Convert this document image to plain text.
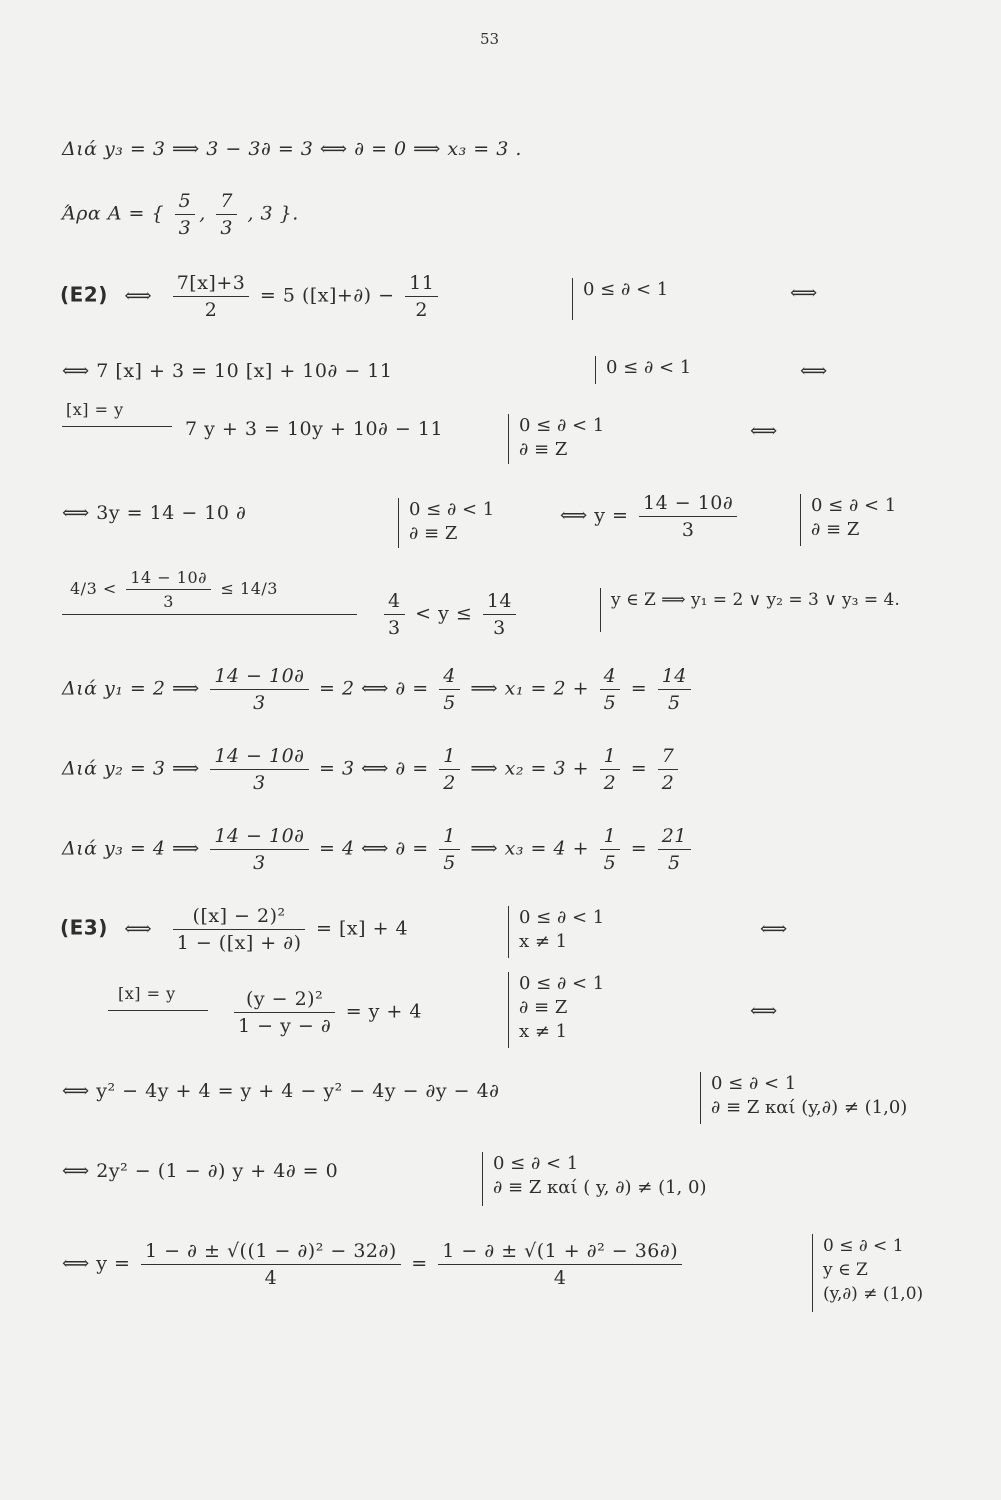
53
Διά y₃ = 3 ⟹ 3 − 3∂ = 3 ⟺ ∂ = 0 ⟹ x₃ = 3 .
Άρα A = { $\frac{5}{3}$ , $\frac{7}{3}$ , 3 }.
(E2) ⟺ $\frac{7[x]+3}{2} = 5$ $([x]+\partial) - \frac{11}{2}$	0 ≤ ∂ < 1	⟺
⟺ 7 [x] + 3 = 10 [x] + 10∂ − 11	0 ≤ ∂ < 1	⟺
[x] = y
7 y + 3 = 10y + 10∂ − 11	0 ≤ ∂ < 1
∂ ≡ Z
⟺
⟺ 3y = 14 − 10 ∂	0 ≤ ∂ < 1
∂ ≡ Z
⟺ $y = \frac{14 - 10\partial}{3}$	0 ≤ ∂ < 1
∂ ≡ Z
$4/3 < \frac{14 - 10\partial}{3} \le 14/3$
$\frac{4}{3} < y \le \frac{14}{3}$	y ∈ Z ⟹ y₁ = 2 ∨ y₂ = 3 ∨ y₃ = 4.
Διά y₁ = 2 ⟹ $\frac{14 - 10\partial}{3} = 2$ ⟺ ∂ = $\frac{4}{5}$ ⟹ $x_1 = 2 + \frac{4}{5} = \frac{14}{5}$
Διά y₂ = 3 ⟹ $\frac{14 - 10\partial}{3} = 3$ ⟺ ∂ = $\frac{1}{2}$ ⟹ $x_2 = 3 + \frac{1}{2} = \frac{7}{2}$
Διά y₃ = 4 ⟹ $\frac{14 - 10\partial}{3} = 4$ ⟺ ∂ = $\frac{1}{5}$ ⟹ $x_3 = 4 + \frac{1}{5} = \frac{21}{5}$
(E3) ⟺ $\frac{\text{([x] − 2)²}}{1 - ([x] + \partial)} = [x] + 4$	0 ≤ ∂ < 1
x ≠ 1
⟺
[x] = y	$\frac{\text{(y − 2)²}}{1 - y - \partial} = y + 4$
0 ≤ ∂ < 1
∂ ≡ Z
x ≠ 1
⟺
⟺ y² − 4y + 4 = y + 4 − y² − 4y − ∂y − 4∂	0 ≤ ∂ < 1
∂ ≡ Z καί (y,∂) ≠ (1,0)
⟺ 2y² − (1 − ∂) y + 4∂ = 0	0 ≤ ∂ < 1
∂ ≡ Z καί ( y, ∂) ≠ (1, 0)
⟺ $y = \frac{\text{1 − ∂ ± √((1 − ∂)² − 32∂)}}{4} = \frac{\text{1 − ∂ ± √(1 + ∂² − 36∂)}}{4}$	0 ≤ ∂ < 1
y ∈ Z
(y,∂) ≠ (1,0)
